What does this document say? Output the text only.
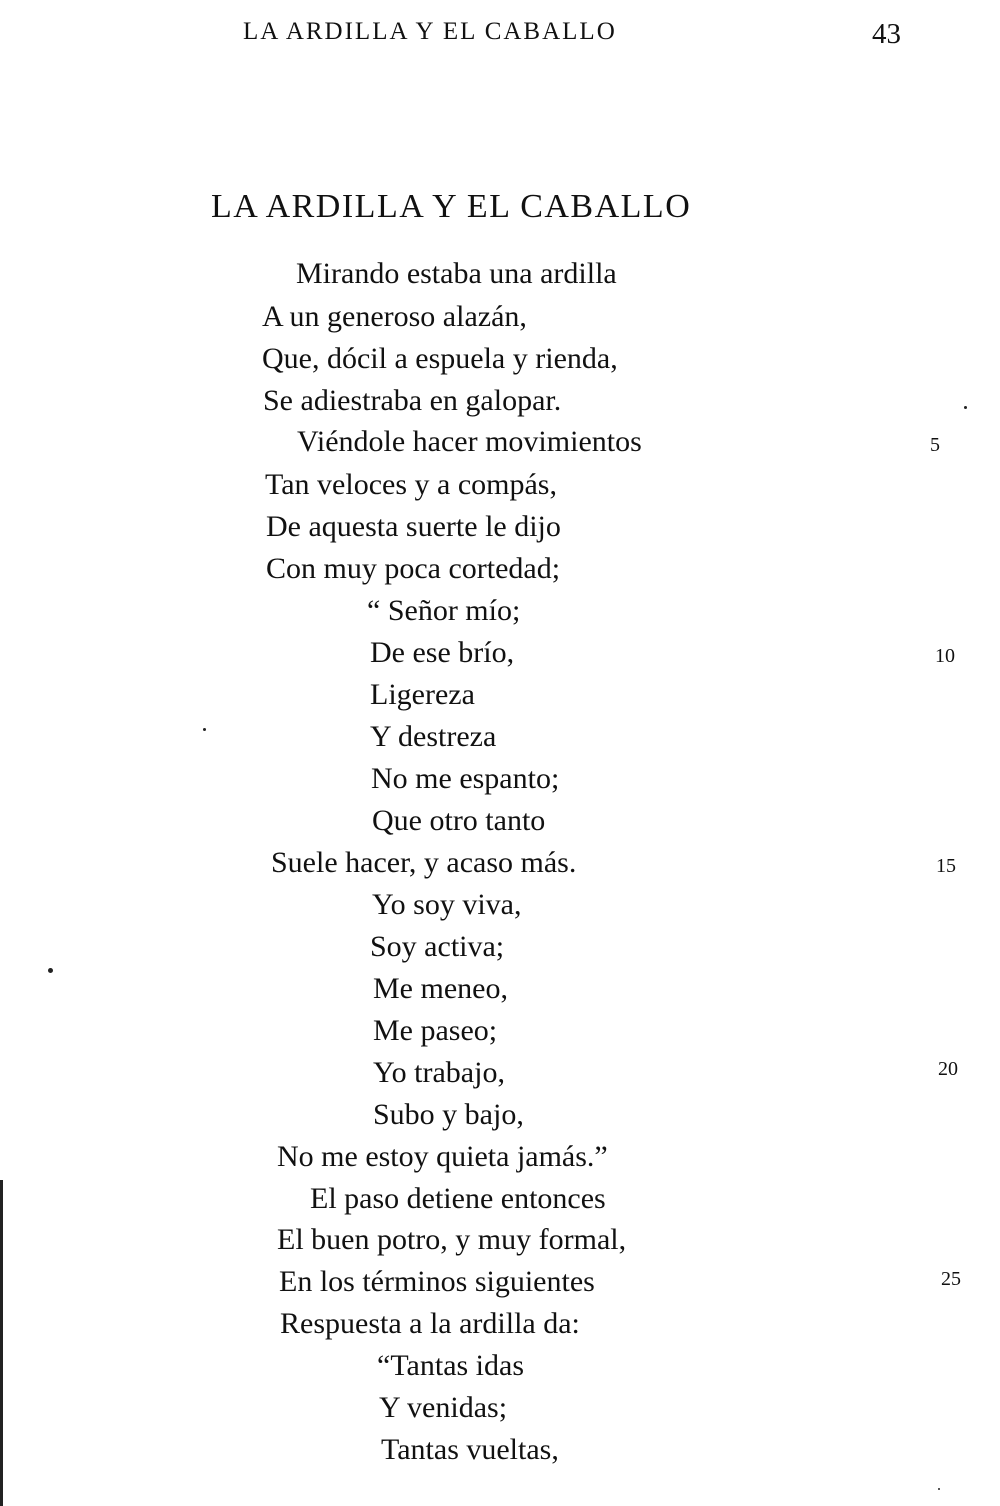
LA ARDILLA Y EL CABALLO	43
LA ARDILLA Y EL CABALLO
Mirando estaba una ardilla
A un generoso alazán,
Que, dócil a espuela y rienda,
Se adiestraba en galopar.
Viéndole hacer movimientos
Tan veloces y a compás,
De aquesta suerte le dijo
Con muy poca cortedad;
“ Señor mío;
De ese brío,
Ligereza
Y destreza
No me espanto;
Que otro tanto
Suele hacer, y acaso más.
Yo soy viva,
Soy activa;
Me meneo,
Me paseo;
Yo trabajo,
Subo y bajo,
No me estoy quieta jamás.”
El paso detiene entonces
El buen potro, y muy formal,
En los términos siguientes
Respuesta a la ardilla da:
“Tantas idas
Y venidas;
Tantas vueltas,
5
10
15
20
25
